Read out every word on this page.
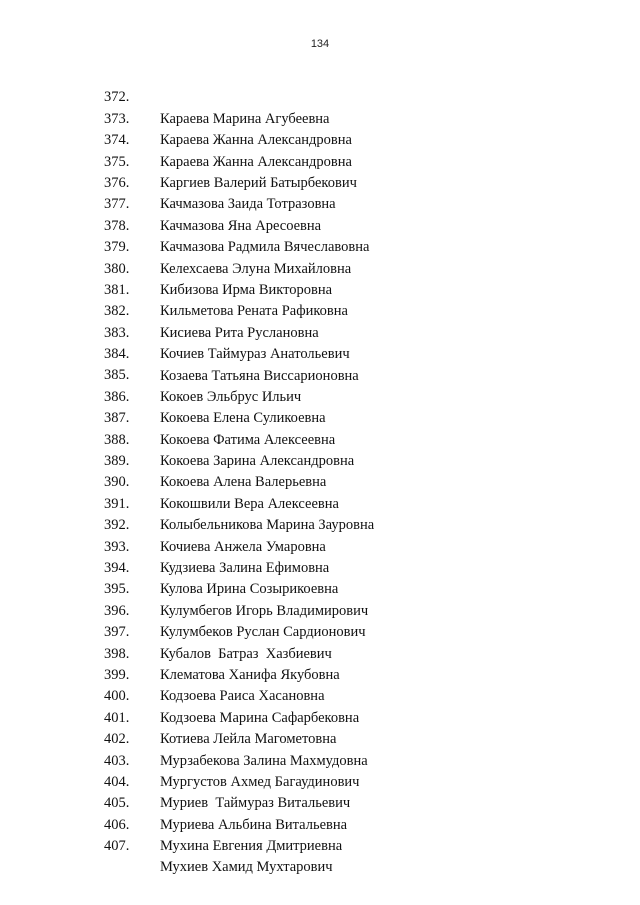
134

372.

Караева Марина Агубеевна

373.

Караева Жанна Александровна

374.

Караева Жанна Александровна

375.

Каргиев Валерий Батырбекович

376.

Качмазова Заида Тотразовна

377.

Качмазова Яна Аресоевна

378.

Качмазова Радмила Вячеславовна

379.

Келехсаева Элуна Михайловна

380.

Кибизова Ирма Викторовна

381.

Кильметова Рената Рафиковна

382.

Кисиева Рита Руслановна

383.

Кочиев Таймураз Анатольевич

384.

Козаева Татьяна Виссарионовна

385.

Кокоев Эльбрус Ильич

386.

Кокоева Елена Суликоевна

387.

Кокоева Фатима Алексеевна

388.

Кокоева Зарина Александровна

389.

Кокоева Алена Валерьевна

390.

Кокошвили Вера Алексеевна

391.

Колыбельникова Марина Зауровна

392.

Кочиева Анжела Умаровна

393.

Кудзиева Залина Ефимовна

394.

Кулова Ирина Созырикоевна

395.

Кулумбегов Игорь Владимирович

396.

Кулумбеков Руслан Сардионович

397.

Кубалов  Батраз  Хазбиевич

398.

Клематова Ханифа Якубовна

399.

Кодзоева Раиса Хасановна

400.

Кодзоева Марина Сафарбековна

401.

Котиева Лейла Магометовна

402.

Мурзабекова Залина Махмудовна

403.

Мургустов Ахмед Багаудинович

404.

Муриев  Таймураз Витальевич

405.

Муриева Альбина Витальевна

406.

Мухина Евгения Дмитриевна

407.

Мухиев Хамид Мухтарович
